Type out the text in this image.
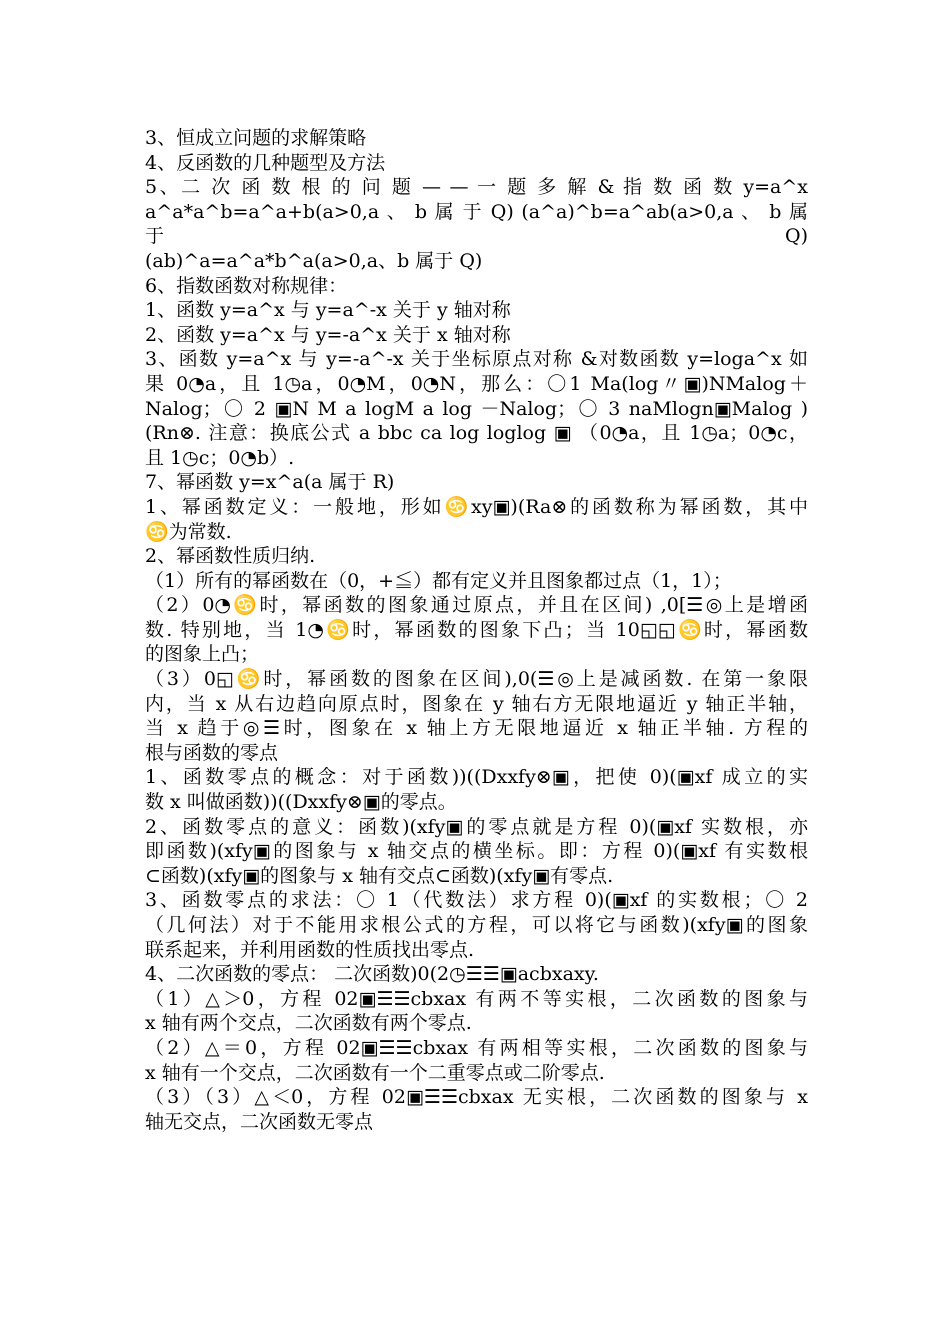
3、恒成立问题的求解策略
4、反函数的几种题型及方法
5、二 次 函 数 根 的 问 题 — — 一 题 多 解 & 指 数 函 数 y=a^x
a^a*a^b=a^a+b(a>0,a 、 b 属 于 Q) (a^a)^b=a^ab(a>0,a 、 b 属 于 Q)
(ab)^a=a^a*b^a(a>0,a、b 属于 Q)
6、指数函数对称规律：
1、函数 y=a^x 与 y=a^-x 关于 y 轴对称
2、函数 y=a^x 与 y=-a^x 关于 x 轴对称
3、函数 y=a^x 与 y=-a^-x 关于坐标原点对称 &对数函数 y=loga^x 如
果 0◔a，且 1◷a，0◔M，0◔N，那么：〇1 Ma(log〃▣)NMalog＋
Nalog；〇 2 ▣N M a logM a log －Nalog；〇 3 naMlogn▣Malog )
(Rn⊗. 注意：换底公式 a bbc ca log loglog ▣ （0◔a，且 1◷a；0◔c，
且 1◷c；0◔b）.
7、幂函数 y=x^a(a 属于 R)
1、幂函数定义：一般地，形如♋xy▣)(Ra⊗的函数称为幂函数，其中
♋为常数.
2、幂函数性质归纳.
（1）所有的幂函数在（0，+≦）都有定义并且图象都过点（1，1）；
（2）0◔♋时，幂函数的图象通过原点，并且在区间) ,0[☰◎上是增函
数. 特别地，当 1◔♋时，幂函数的图象下凸；当 10◱◱♋时，幂函数
的图象上凸；
（3）0◱♋时，幂函数的图象在区间),0(☰◎上是减函数. 在第一象限
内，当 x 从右边趋向原点时，图象在 y 轴右方无限地逼近 y 轴正半轴，
当 x 趋于◎☰时，图象在 x 轴上方无限地逼近 x 轴正半轴. 方程的
根与函数的零点
1、函数零点的概念：对于函数))((Dxxfy⊗▣，把使 0)(▣xf 成立的实
数 x 叫做函数))((Dxxfy⊗▣的零点。
2、函数零点的意义：函数)(xfy▣的零点就是方程 0)(▣xf 实数根，亦
即函数)(xfy▣的图象与 x 轴交点的横坐标。即：方程 0)(▣xf 有实数根
⊂函数)(xfy▣的图象与 x 轴有交点⊂函数)(xfy▣有零点.
3、函数零点的求法：〇 1（代数法）求方程 0)(▣xf 的实数根；〇 2
（几何法）对于不能用求根公式的方程，可以将它与函数)(xfy▣的图象
联系起来，并利用函数的性质找出零点.
4、二次函数的零点： 二次函数)0(2◷☰☰▣acbxaxy.
（1）△＞0，方程 02▣☰☰cbxax 有两不等实根，二次函数的图象与
x 轴有两个交点，二次函数有两个零点.
（2）△＝0，方程 02▣☰☰cbxax 有两相等实根，二次函数的图象与
x 轴有一个交点，二次函数有一个二重零点或二阶零点.
（3）（3）△＜0，方程 02▣☰☰cbxax 无实根，二次函数的图象与 x
轴无交点，二次函数无零点
